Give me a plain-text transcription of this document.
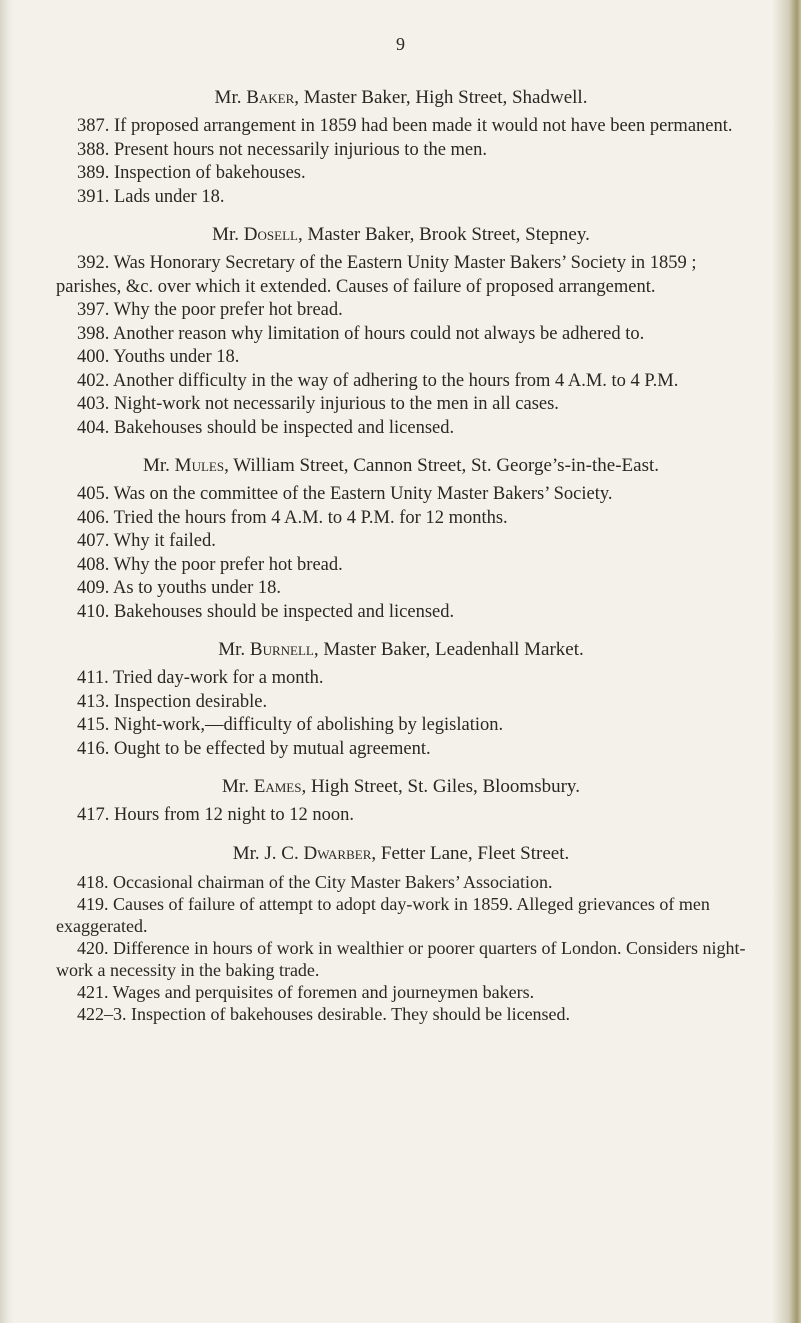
9

Mr. Baker, Master Baker, High Street, Shadwell.

387. If proposed arrangement in 1859 had been made it would not have been permanent.

388. Present hours not necessarily injurious to the men.

389. Inspection of bakehouses.

391. Lads under 18.

Mr. Dosell, Master Baker, Brook Street, Stepney.

392. Was Honorary Secretary of the Eastern Unity Master Bakers’ Society in 1859 ; parishes, &c. over which it extended. Causes of failure of proposed arrangement.

397. Why the poor prefer hot bread.

398. Another reason why limitation of hours could not always be adhered to.

400. Youths under 18.

402. Another difficulty in the way of adhering to the hours from 4 A.M. to 4 P.M.

403. Night-work not necessarily injurious to the men in all cases.

404. Bakehouses should be inspected and licensed.

Mr. Mules, William Street, Cannon Street, St. George’s-in-the-East.

405. Was on the committee of the Eastern Unity Master Bakers’ Society.

406. Tried the hours from 4 A.M. to 4 P.M. for 12 months.

407. Why it failed.

408. Why the poor prefer hot bread.

409. As to youths under 18.

410. Bakehouses should be inspected and licensed.

Mr. Burnell, Master Baker, Leadenhall Market.

411. Tried day-work for a month.

413. Inspection desirable.

415. Night-work,—difficulty of abolishing by legislation.

416. Ought to be effected by mutual agreement.

Mr. Eames, High Street, St. Giles, Bloomsbury.

417. Hours from 12 night to 12 noon.

Mr. J. C. Dwarber, Fetter Lane, Fleet Street.

418. Occasional chairman of the City Master Bakers’ Association.

419. Causes of failure of attempt to adopt day-work in 1859. Alleged grievances of men exaggerated.

420. Difference in hours of work in wealthier or poorer quarters of London. Considers night-work a necessity in the baking trade.

421. Wages and perquisites of foremen and journeymen bakers.

422–3. Inspection of bakehouses desirable. They should be licensed.
